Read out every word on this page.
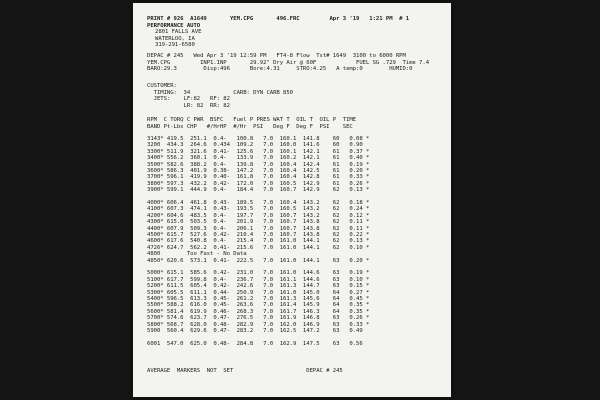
PRINT # 926  A1649       YEM.CPG       496.FRC         Apr 3 '19   1:21 PM  # 1
PERFORMANCE AUTO
2801 FALLS AVE
WATERLOO, IA
319-291-6580
DEPAC # 245   Wed Apr 3 '19 12:59 PM   FT4-8 Flow  Tst# 1649  3100 to 6000 RPM
YEM.CPG         INP1.INP       29.92" Dry Air @ 60F            FUEL SG .729  Time 7.4
BARO:29.3        Disp:496      Bore:4.31     STRO:4.25   A temp:0        HUMID:0
CUSTOMER:
TIMING:  34             CARB: DYN CARB 850
JETS:    LF:82   RF: 82
LR: 82  RR: 82
RPM  C TORQ C PWR  BSFC   Fuel P PRES WAT T  OIL T  OIL P  TIME
BAND Pt-Lbs CHP   #/HrHP  #/Hr  PSI   Deg F  Deg F  PSI    SEC
3143* 419.5  251.1  0.4-   100.8   7.0  160.1  141.8    60   0.08 *
3200  434.3  264.6  0.434  109.2   7.0  160.0  141.6    60   0.90
3300* 511.9  321.6  0.41-  125.6   7.0  160.1  142.1    61   0.37 *
3400* 556.2  360.1  0.4-   133.9   7.0  160.2  142.1    61   0.40 *
3500* 582.6  388.2  0.4-   139.8   7.0  160.4  142.4    61   0.19 *
3600* 586.3  401.9  0.38-  147.2   7.0  160.4  142.5    61   0.20 *
3700* 596.1  419.9  0.40-  161.8   7.0  160.4  142.8    61   0.33 *
3800* 597.3  432.2  0.42-  172.0   7.0  160.5  142.9    61   0.26 *
3900* 599.1  444.9  0.4-   184.4   7.0  160.7  142.9    62   0.13 *
4000* 606.4  461.8  0.43-  189.5   7.0  160.4  143.2    62   0.18 *
4100* 607.3  474.1  0.43-  193.5   7.0  160.5  143.2    62   0.24 *
4200* 604.6  483.5  0.4-   197.7   7.0  160.7  143.2    62   0.12 *
4300* 615.0  503.5  0.4-   201.9   7.0  160.7  143.8    62   0.11 *
4400* 607.9  509.3  0.4-   206.1   7.0  160.7  143.8    62   0.11 *
4500* 615.7  527.6  0.42-  210.4   7.0  160.7  143.8    62   0.22 *
4600* 617.6  540.8  0.4-   215.4   7.0  161.0  144.1    62   0.13 *
4726* 624.7  562.2  0.41-  215.6   7.0  161.0  144.1    62   0.10 *
4800        Too Fast - No Data
4850* 620.6  573.1  0.41-  222.5   7.0  161.0  144.1    63   0.20 *
5000* 615.1  585.6  0.42-  231.0   7.0  161.0  144.6    63   0.19 *
5100* 617.7  599.8  0.4-   236.7   7.0  161.1  144.6    63   0.10 *
5200* 611.5  605.4  0.42-  242.6   7.0  161.3  144.7    63   0.15 *
5300* 605.5  611.1  0.44-  250.9   7.0  161.0  145.0    64   0.27 *
5400* 596.5  613.3  0.45-  261.2   7.0  161.3  145.6    64   0.45 *
5500* 588.2  616.0  0.45-  263.6   7.0  161.4  145.9    64   0.35 *
5600* 581.4  619.9  0.46-  268.3   7.0  161.7  146.3    64   0.35 *
5700* 574.6  623.7  0.47-  276.5   7.0  161.9  146.8    63   0.26 *
5800* 568.7  628.0  0.48-  282.9   7.0  162.0  146.9    63   0.33 *
5900  560.4  629.6  0.47-  283.2   7.0  162.5  147.2    63   0.49
6001  547.0  625.0  0.48-  284.8   7.0  162.9  147.5    63   0.56
AVERAGE  MARKERS  NOT  SET                      DEPAC # 245
